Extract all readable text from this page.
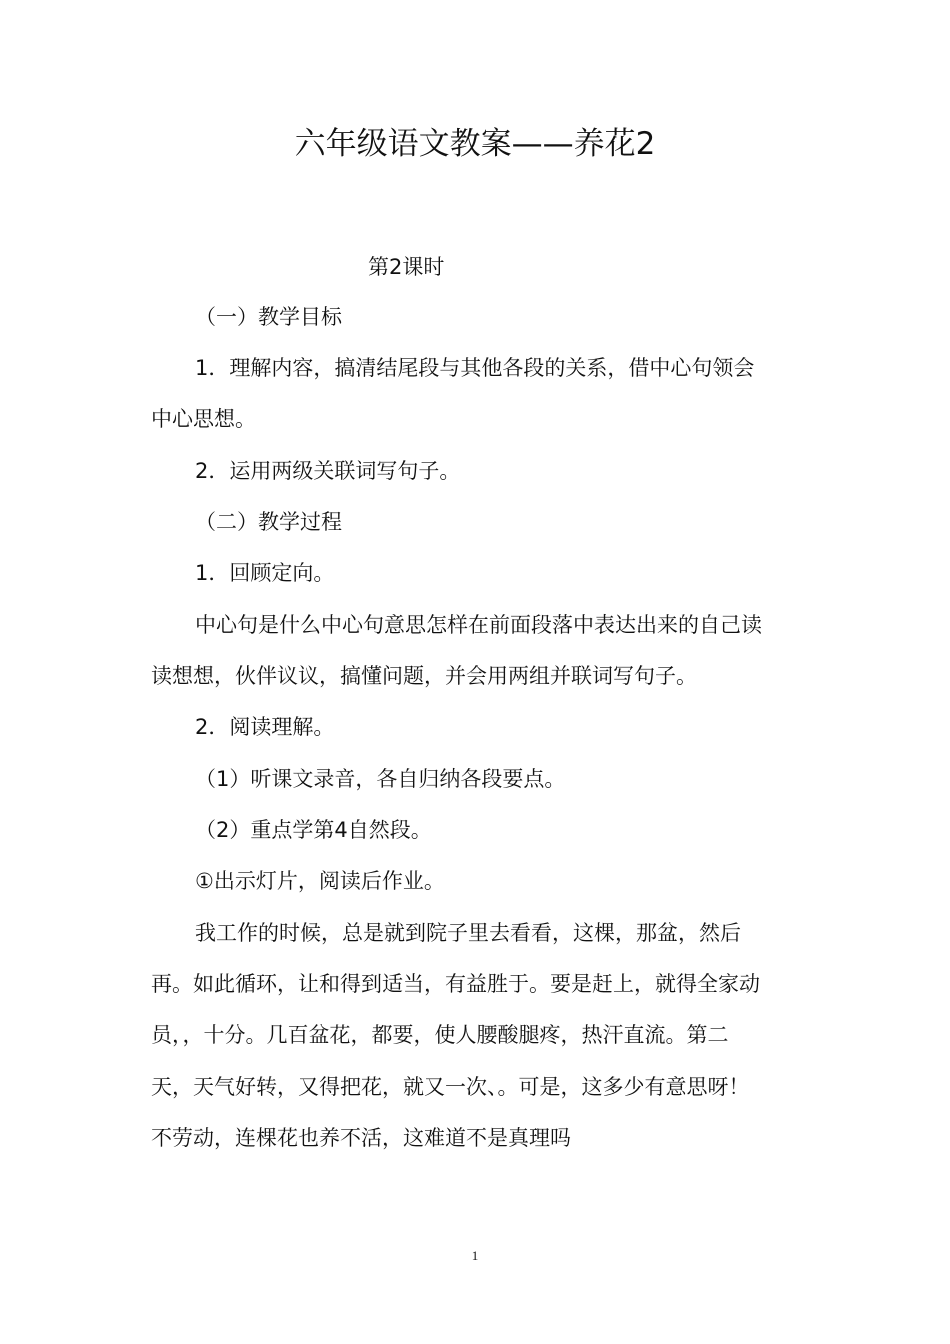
六年级语文教案——养花2
第2课时
（一）教学目标
1．理解内容，搞清结尾段与其他各段的关系，借中心句领会
中心思想。
2．运用两级关联词写句子。
（二）教学过程
1．回顾定向。
中心句是什么中心句意思怎样在前面段落中表达出来的自己读
读想想，伙伴议议，搞懂问题，并会用两组并联词写句子。
2．阅读理解。
（1）听课文录音，各自归纳各段要点。
（2）重点学第4自然段。
①出示灯片，阅读后作业。
我工作的时候，总是就到院子里去看看，这棵，那盆，然后
再。如此循环，让和得到适当，有益胜于。要是赶上，就得全家动
员，，十分。几百盆花，都要，使人腰酸腿疼，热汗直流。第二
天，天气好转，又得把花，就又一次、。可是，这多少有意思呀！
不劳动，连棵花也养不活，这难道不是真理吗
1
